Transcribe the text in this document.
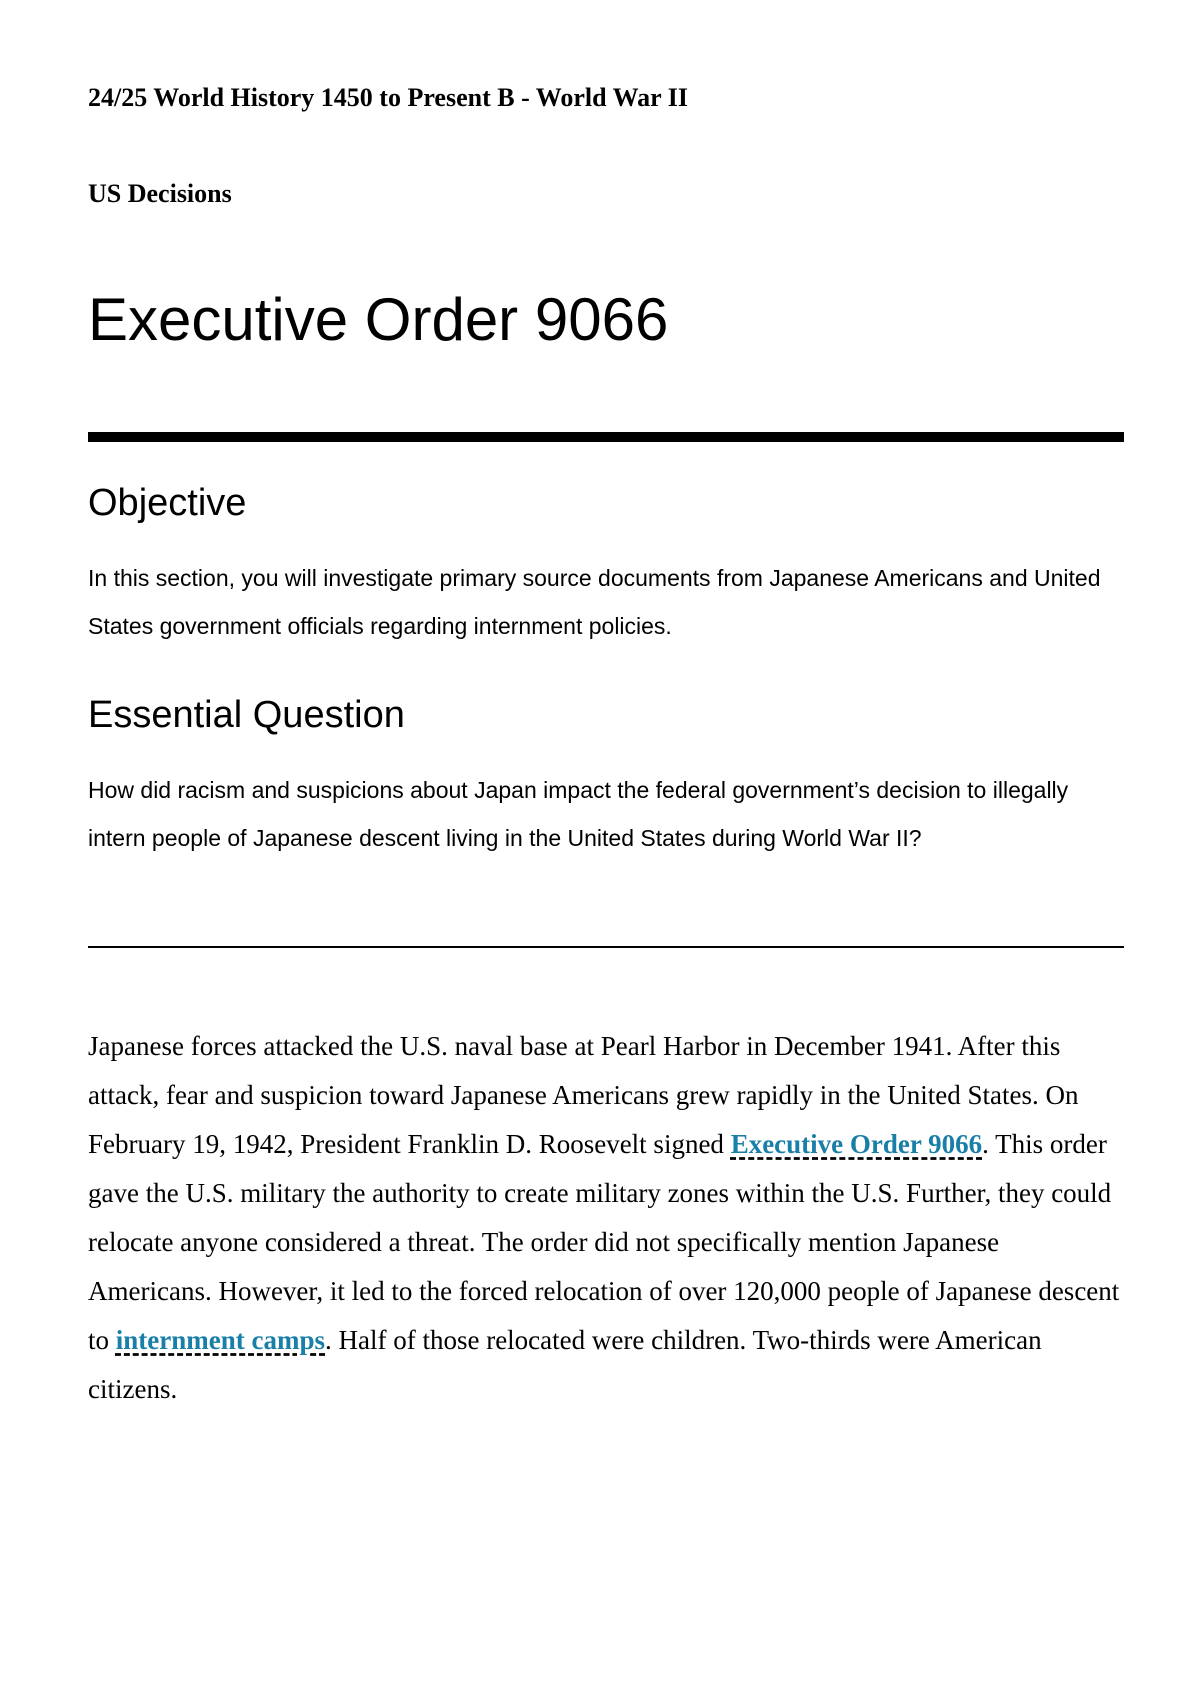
24/25 World History 1450 to Present B - World War II
US Decisions
Executive Order 9066
Objective

In this section, you will investigate primary source documents from Japanese Americans and United States government officials regarding internment policies.

Essential Question

How did racism and suspicions about Japan impact the federal government’s decision to illegally intern people of Japanese descent living in the United States during World War II?

Japanese forces attacked the U.S. naval base at Pearl Harbor in December 1941. After this attack, fear and suspicion toward Japanese Americans grew rapidly in the United States. On February 19, 1942, President Franklin D. Roosevelt signed Executive Order 9066. This order gave the U.S. military the authority to create military zones within the U.S. Further, they could relocate anyone considered a threat. The order did not specifically mention Japanese Americans. However, it led to the forced relocation of over 120,000 people of Japanese descent to internment camps. Half of those relocated were children. Two-thirds were American citizens.
